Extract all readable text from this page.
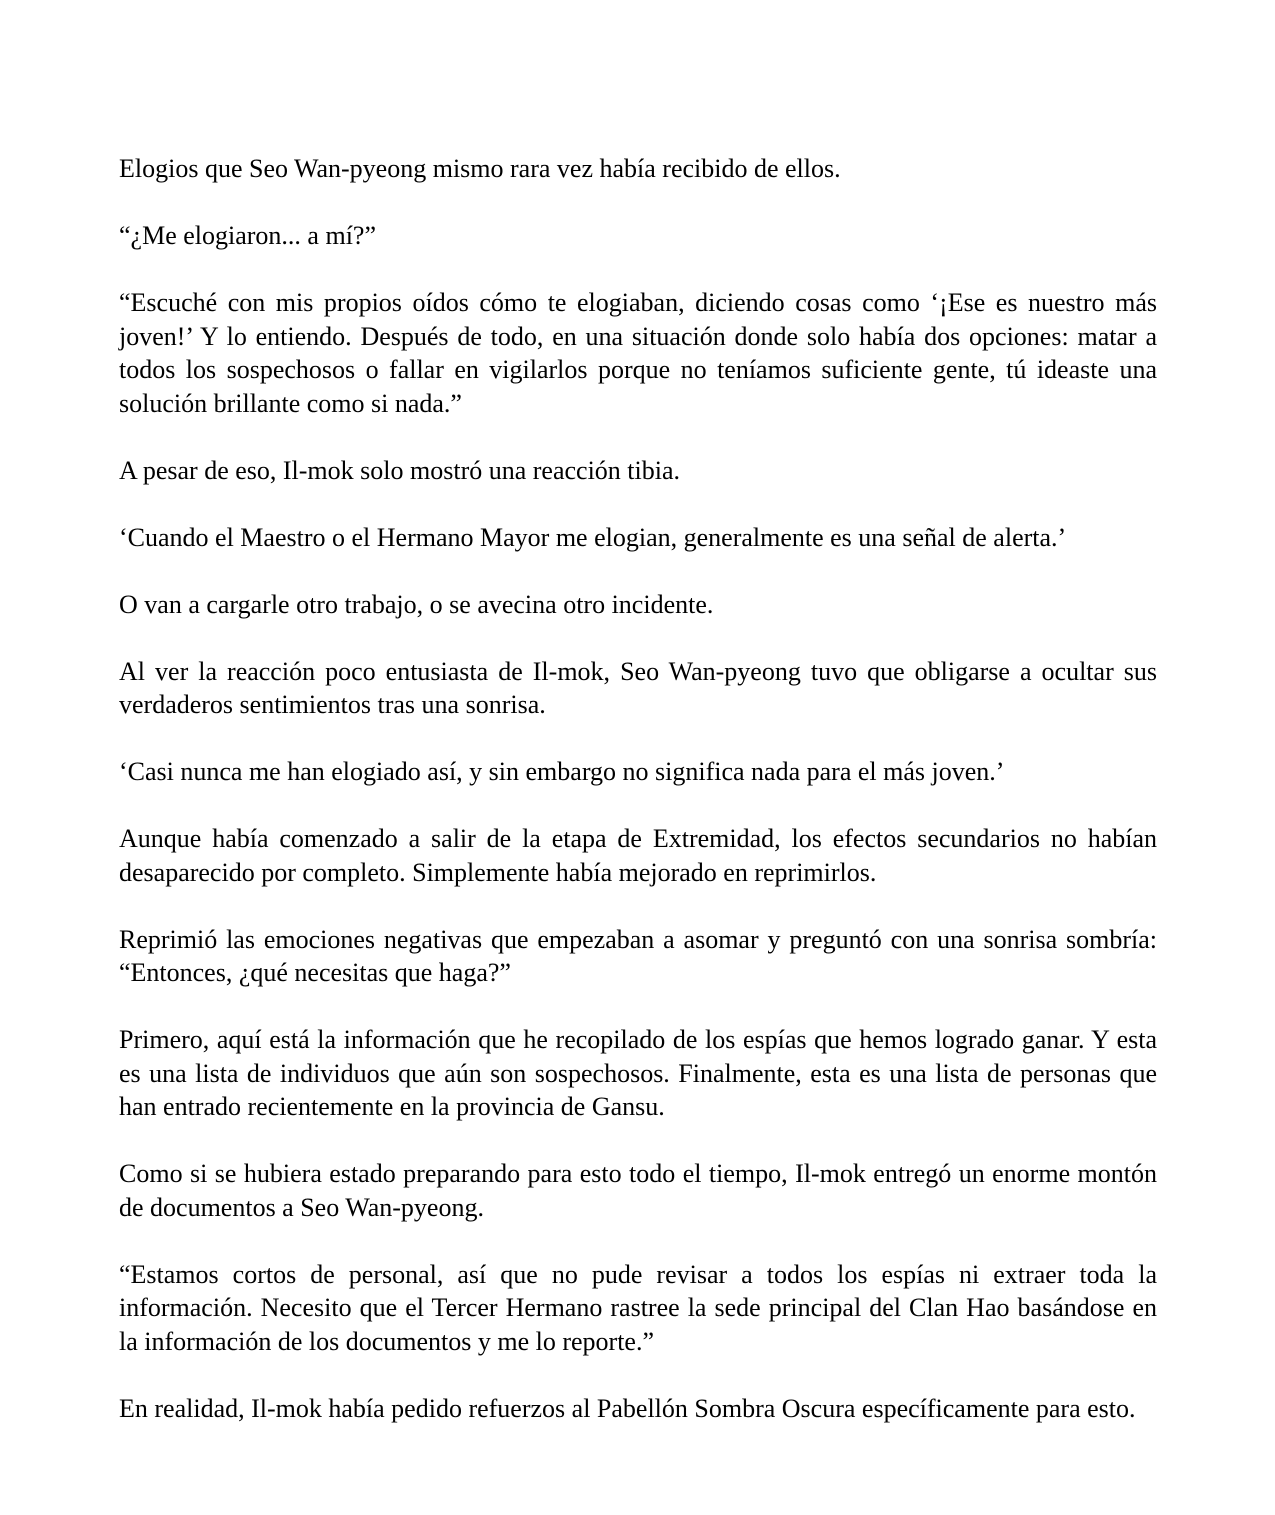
Elogios que Seo Wan-pyeong mismo rara vez había recibido de ellos.

“¿Me elogiaron... a mí?”

“Escuché con mis propios oídos cómo te elogiaban, diciendo cosas como ‘¡Ese es nuestro más joven!’ Y lo entiendo. Después de todo, en una situación donde solo había dos opciones: matar a todos los sospechosos o fallar en vigilarlos porque no teníamos suficiente gente, tú ideaste una solución brillante como si nada.”

A pesar de eso, Il-mok solo mostró una reacción tibia.

‘Cuando el Maestro o el Hermano Mayor me elogian, generalmente es una señal de alerta.’

O van a cargarle otro trabajo, o se avecina otro incidente.

Al ver la reacción poco entusiasta de Il-mok, Seo Wan-pyeong tuvo que obligarse a ocultar sus verdaderos sentimientos tras una sonrisa.

‘Casi nunca me han elogiado así, y sin embargo no significa nada para el más joven.’

Aunque había comenzado a salir de la etapa de Extremidad, los efectos secundarios no habían desaparecido por completo. Simplemente había mejorado en reprimirlos.

Reprimió las emociones negativas que empezaban a asomar y preguntó con una sonrisa sombría: “Entonces, ¿qué necesitas que haga?”

Primero, aquí está la información que he recopilado de los espías que hemos logrado ganar. Y esta es una lista de individuos que aún son sospechosos. Finalmente, esta es una lista de personas que han entrado recientemente en la provincia de Gansu.

Como si se hubiera estado preparando para esto todo el tiempo, Il-mok entregó un enorme montón de documentos a Seo Wan-pyeong.

“Estamos cortos de personal, así que no pude revisar a todos los espías ni extraer toda la información. Necesito que el Tercer Hermano rastree la sede principal del Clan Hao basándose en la información de los documentos y me lo reporte.”

En realidad, Il-mok había pedido refuerzos al Pabellón Sombra Oscura específicamente para esto.
